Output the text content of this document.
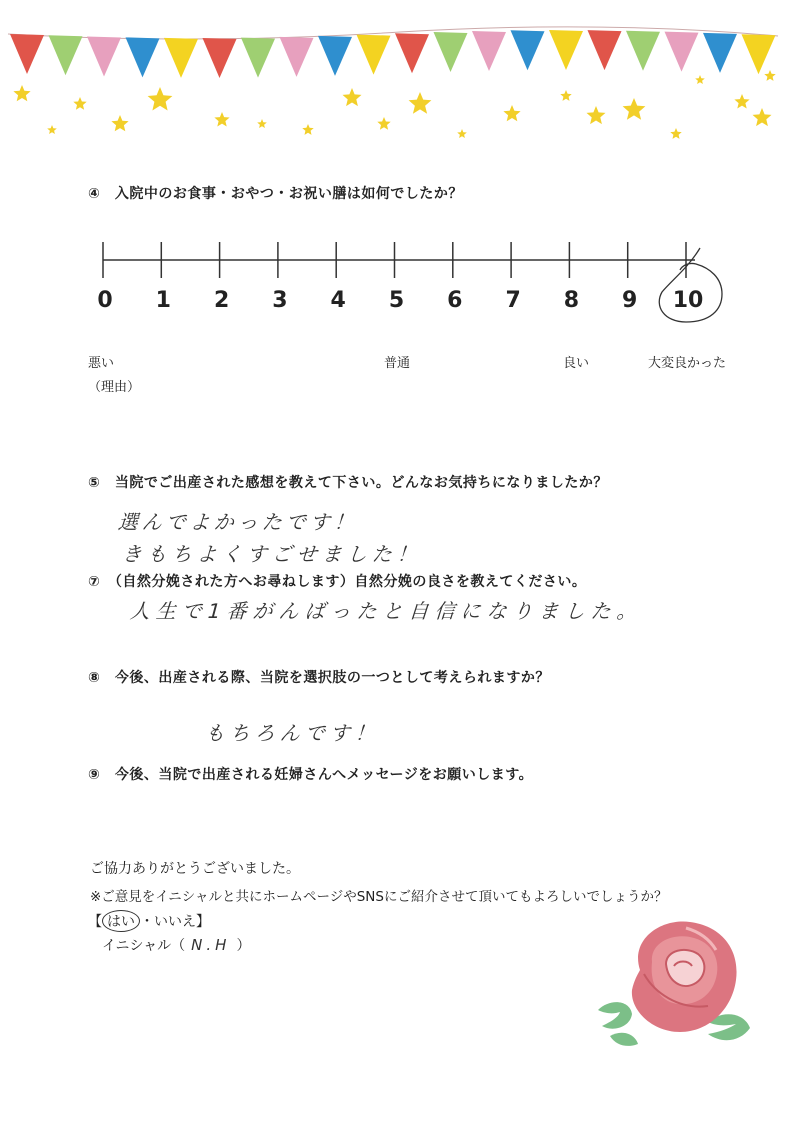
④　入院中のお食事・おやつ・お祝い膳は如何でしたか？
0	1	2	3	4	5	6	7	8	9	10
悪い	普通	良い	大変良かった
（理由）
⑤　当院でご出産された感想を教えて下さい。どんなお気持ちになりましたか？
選んでよかったです！
きもちよくすごせました！
⑦　（自然分娩された方へお尋ねします）自然分娩の良さを教えてください。
人生で1番がんばったと自信になりました。
⑧　今後、出産される際、当院を選択肢の一つとして考えられますか？
もちろんです！
⑨　今後、当院で出産される妊婦さんへメッセージをお願いします。
ご協力ありがとうございました。
※ご意見をイニシャルと共にホームページやSNSにご紹介させて頂いてもよろしいでしょうか？
【 はい ・いいえ】
イニシャル（ N.H ）
